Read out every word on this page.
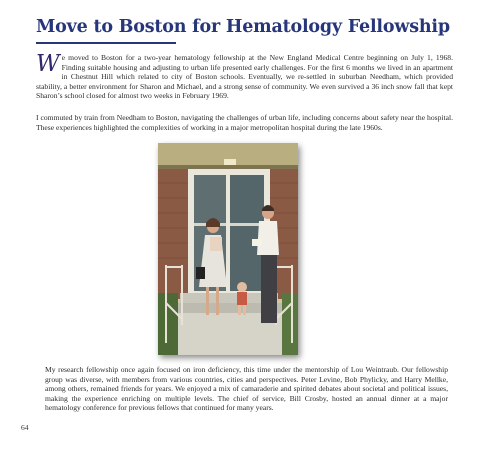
Move to Boston for Hematology Fellowship

We moved to Boston for a two-year hematology fellowship at the New England Medical Centre beginning on July 1, 1968. Finding suitable housing and adjusting to urban life presented early challenges. For the first 6 months we lived in an apartment in Chestnut Hill which related to city of Boston schools. Eventually, we re-settled in suburban Needham, which provided stability, a better environment for Sharon and Michael, and a strong sense of community. We even survived a 36 inch snow fall that kept Sharon’s school closed for almost two weeks in February 1969.

I commuted by train from Needham to Boston, navigating the challenges of urban life, including concerns about safety near the hospital. These experiences highlighted the complexities of working in a major metropolitan hospital during the late 1960s.

My research fellowship once again focused on iron deficiency, this time under the mentorship of Lou Weintraub. Our fellowship group was diverse, with members from various countries, cities and perspectives. Peter Levine, Bob Phylicky, and Harry Mellke, among others, remained friends for years. We enjoyed a mix of camaraderie and spirited debates about societal and political issues, making the experience enriching on multiple levels. The chief of service, Bill Crosby, hosted an annual dinner at a major hematology conference for previous fellows that continued for many years.

64
